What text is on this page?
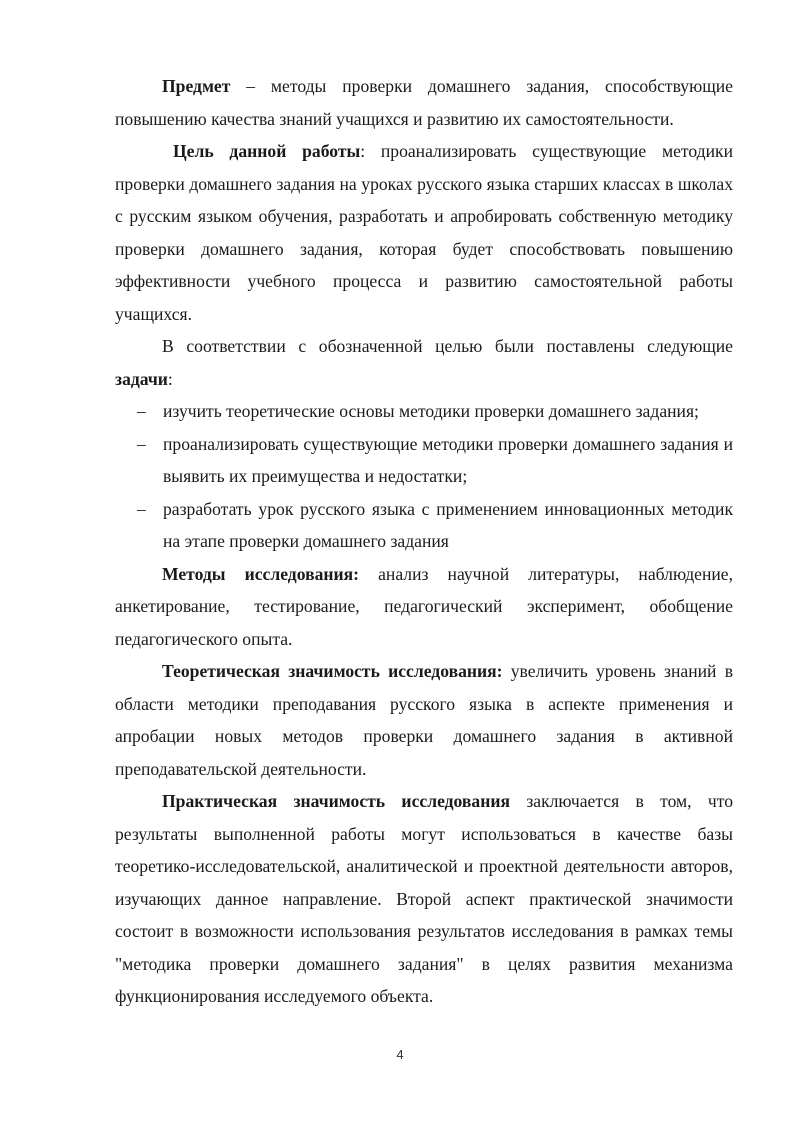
Предмет – методы проверки домашнего задания, способствующие повышению качества знаний учащихся и развитию их самостоятельности.

Цель данной работы: проанализировать существующие методики проверки домашнего задания на уроках русского языка старших классах в школах с русским языком обучения, разработать и апробировать собственную методику проверки домашнего задания, которая будет способствовать повышению эффективности учебного процесса и развитию самостоятельной работы учащихся.

В соответствии с обозначенной целью были поставлены следующие задачи:

– изучить теоретические основы методики проверки домашнего задания;
– проанализировать существующие методики проверки домашнего задания и выявить их преимущества и недостатки;
– разработать урок русского языка с применением инновационных методик на этапе проверки домашнего задания

Методы исследования: анализ научной литературы, наблюдение, анкетирование, тестирование, педагогический эксперимент, обобщение педагогического опыта.

Теоретическая значимость исследования: увеличить уровень знаний в области методики преподавания русского языка в аспекте применения и апробации новых методов проверки домашнего задания в активной преподавательской деятельности.

Практическая значимость исследования заключается в том, что результаты выполненной работы могут использоваться в качестве базы теоретико-исследовательской, аналитической и проектной деятельности авторов, изучающих данное направление. Второй аспект практической значимости состоит в возможности использования результатов исследования в рамках темы "методика проверки домашнего задания" в целях развития механизма функционирования исследуемого объекта.

4
